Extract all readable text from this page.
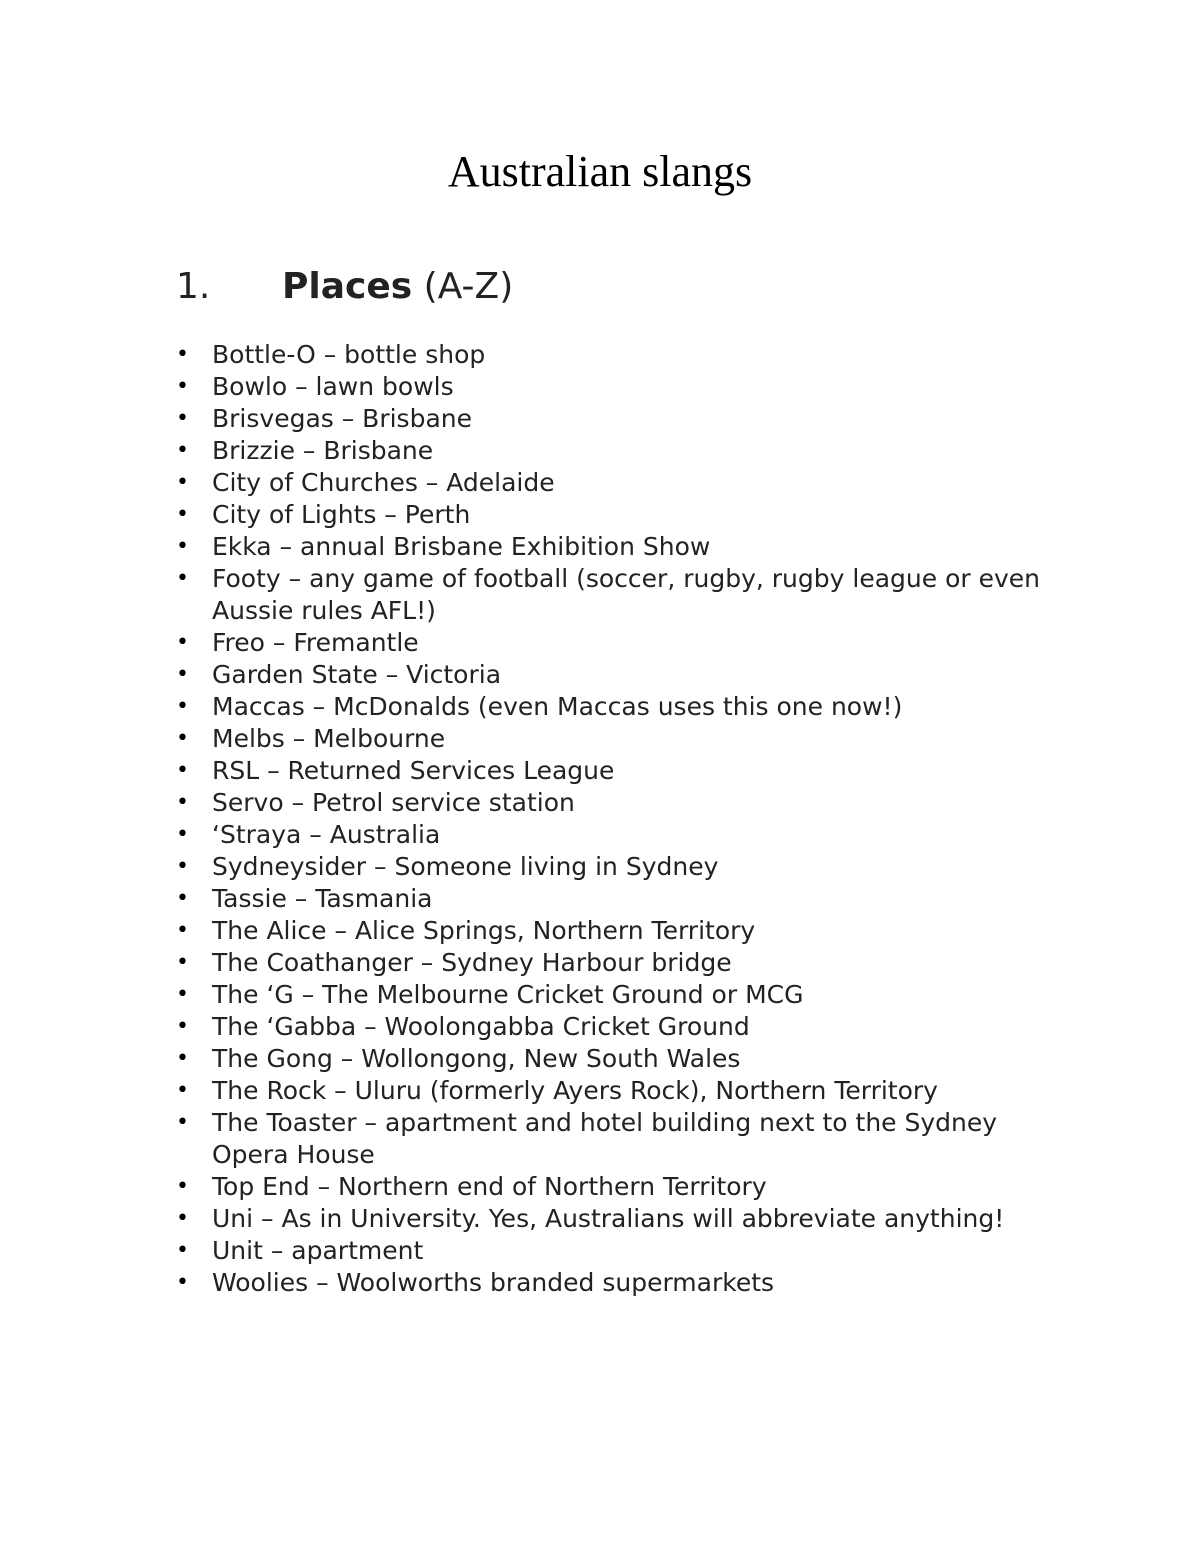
Australian slangs
1. Places (A-Z)
• Bottle-O – bottle shop
• Bowlo – lawn bowls
• Brisvegas – Brisbane
• Brizzie – Brisbane
• City of Churches – Adelaide
• City of Lights – Perth
• Ekka – annual Brisbane Exhibition Show
• Footy – any game of football (soccer, rugby, rugby league or even Aussie rules AFL!)
• Freo – Fremantle
• Garden State – Victoria
• Maccas – McDonalds (even Maccas uses this one now!)
• Melbs – Melbourne
• RSL – Returned Services League
• Servo – Petrol service station
• ‘Straya – Australia
• Sydneysider – Someone living in Sydney
• Tassie – Tasmania
• The Alice – Alice Springs, Northern Territory
• The Coathanger – Sydney Harbour bridge
• The ‘G – The Melbourne Cricket Ground or MCG
• The ‘Gabba – Woolongabba Cricket Ground
• The Gong – Wollongong, New South Wales
• The Rock – Uluru (formerly Ayers Rock), Northern Territory
• The Toaster – apartment and hotel building next to the Sydney Opera House
• Top End – Northern end of Northern Territory
• Uni – As in University. Yes, Australians will abbreviate anything!
• Unit – apartment
• Woolies – Woolworths branded supermarkets
